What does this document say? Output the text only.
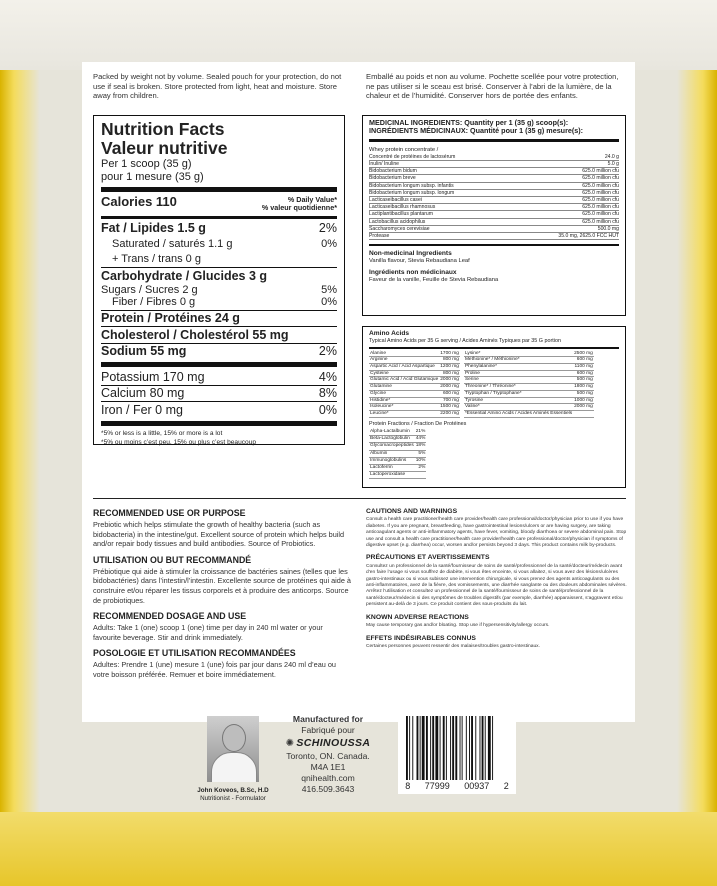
Packed by weight not by volume. Sealed pouch for your protection, do not use if seal is broken. Store protected from light, heat and moisture. Store away from children.
Emballé au poids et non au volume. Pochette scellée pour votre protection, ne pas utiliser si le sceau est brisé. Conserver à l’abri de la lumière, de la chaleur et de l’humidité. Conserver hors de portée des enfants.
Nutrition Facts
Valeur nutritive
Per 1 scoop (35 g)
pour 1 mesure (35 g)
Calories 110	% Daily Value*
% valeur quotidienne*
Fat / Lipides 1.5 g	2%
Saturated / saturés 1.1 g	0%
+ Trans / trans 0 g
Carbohydrate / Glucides 3 g
Sugars / Sucres 2 g	5%
Fiber / Fibres 0 g	0%
Protein / Protéines 24 g
Cholesterol / Cholestérol 55 mg
Sodium 55 mg	2%
Potassium 170 mg	4%
Calcium 80 mg	8%
Iron / Fer 0 mg	0%
*5% or less is a little, 15% or more is a lot
*5% ou moins c’est peu, 15% ou plus c’est beaucoup
MEDICINAL INGREDIENTS: Quantity per 1 (35 g) scoop(s):
INGRÉDIENTS MÉDICINAUX: Quantité pour 1 (35 g) mesure(s):
Whey protein concentrate /
Concentré de protéines de lactosérum	24.0 g
Inulin/ Inuline	5.0 g
Bidobacterium bidum	625.0 million cfu
Bidobacterium breve	625.0 million cfu
Bidobacterium longum subsp. infantis	625.0 million cfu
Bidobacterium longum subsp. longum	625.0 million cfu
Lacticaseibacillus casei	625.0 million cfu
Lacticaseibacillus rhamnosus	625.0 million cfu
Lactiplantibacillus plantarum	625.0 million cfu
Lactobacillus acidophilus	625.0 million cfu
Saccharomyces cerevisiae	500.0 mg
Protease	35.0 mg, 2625.0 FCC HUT
Non-medicinal Ingredients
Vanilla flavour, Stevia Rebaudiana Leaf
Ingrédients non médicinaux
Faveur de la vanille, Feuille de Stevia Rebaudiana
Amino Acids
Typical Amino Acids per 35 G serving / Acides Aminés Typiques par 35 G portion
Alanine	1700 mg
Arginine	800 mg
Aspartic Acid / Acid Aspartique	1200 mg
Cysteine	800 mg
Glutamic Acid / Acid Glutamique	2000 mg
Glutamine	2000 mg
Glycine	600 mg
Histidine*	700 mg
Isoleucine*	1500 mg
Leucine*	2200 mg
Lysine*	2500 mg
Methionine* / Méthionine*	600 mg
Phenylalanine*	1100 mg
Proline	600 mg
Serine	500 mg
Threonine* / Thréonine*	1800 mg
Tryptophan / Tryptophane*	500 mg
Tyrosine	1000 mg
Valine*	2000 mg
*Essential Amino Acids / Acides Aminés Essentiels	
Protein Fractions / Fraction De Protéines
Alpha-Lactalbumin	21%
Beta-Lactoglobulin	44%
Glycomacropeptides	18%
Albumin	5%
Immunoglobulins	10%
Lactoferrin	2%
Lactoperoxidase	
RECOMMENDED USE OR PURPOSE
Prebiotic which helps stimulate the growth of healthy bacteria (such as bidobacteria) in the intestine/gut. Excellent source of protein which helps build and/or repair body tissues and build antibodies. Source of Probiotics.
UTILISATION OU BUT RECOMMANDÉ
Prébiotique qui aide à stimuler la croissance de bactéries saines (telles que les bidobactéries) dans l’intestin/l’intestin. Excellente source de protéines qui aide à construire et/ou réparer les tissus corporels et à produire des anticorps. Source de probiotiques.
RECOMMENDED DOSAGE AND USE
Adults: Take 1 (one) scoop 1 (one) time per day in 240 ml water or your favourite beverage. Stir and drink immediately.
POSOLOGIE ET UTILISATION RECOMMANDÉES
Adultes: Prendre 1 (une) mesure 1 (une) fois par jour dans 240 ml d’eau ou votre boisson préférée. Remuer et boire immédiatement.
CAUTIONS AND WARNINGS
Consult a health care practitioner/health care provider/health care professional/doctor/physician prior to use if you have diabetes. If you are pregnant, breastfeeding, have gastrointestinal lesions/ulcers or are having surgery, are taking anticoagulant agents or anti-inflammatory agents, have fever, vomiting, bloody diarrhoea or severe abdominal pain. Stop use and consult a health care practitioner/health care provider/health care professional/doctor/physician if symptoms of digestive upset (e.g. diarrhea) occur, worsen and/or persists beyond 3 days. This product contains milk by-products.
PRÉCAUTIONS ET AVERTISSEMENTS
Consultez un professionnel de la santé/fournisseur de soins de santé/professionnel de la santé/docteur/médecin avant d’en faire l’usage si vous souffrez de diabète, si vous êtes enceinte, si vous allaitez, si vous avez des lésions/ulcères gastro-intestinaux ou si vous subissez une intervention chirurgicale, si vous prenez des agents anticoagulants ou des anti-inflammatoires, avez de la fièvre, des vomissements, une diarrhée sanglante ou des douleurs abdominales sévères. Arrêtez l’utilisation et consultez un professionnel de la santé/fournisseur de soins de santé/professionnel de la santé/docteur/médecin si des symptômes de troubles digestifs (par exemple, diarrhée) apparaissent, s’aggravent et/ou persistent au-delà de 3 jours. Ce produit contient des sous-produits du lait.
KNOWN ADVERSE REACTIONS
May cause temporary gas and/or bloating. Stop use if hypersensitivity/allergy occurs.
EFFETS INDÉSIRABLES CONNUS
Certaines personnes peuvent ressentir des malaises/troubles gastro-intestinaux.
John Koveos, B.Sc, H.D
Nutritionist - Formulator
Manufactured for
Fabriqué pour
✺ SCHINOUSSA
Toronto, ON. Canada.
M4A 1E1
qnihealth.com
416.509.3643	8 77999 00937 2
